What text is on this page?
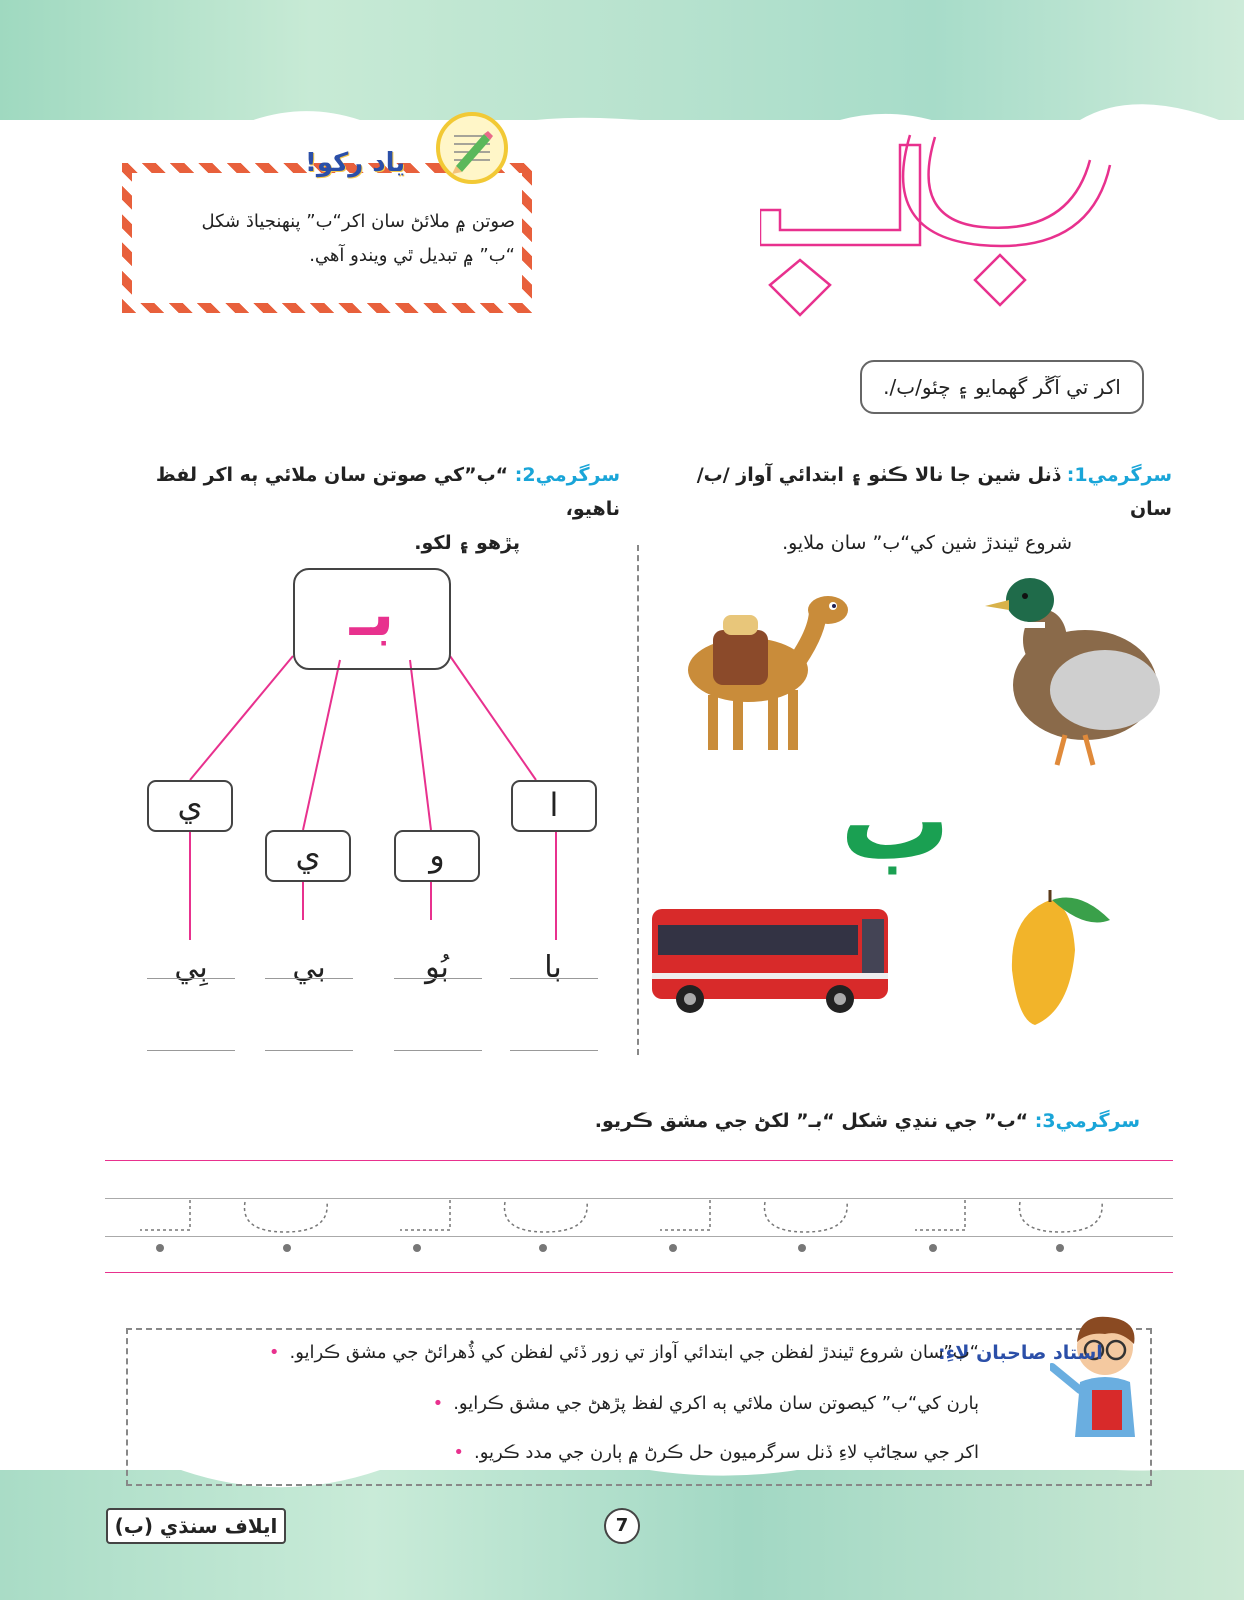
ياد رکو!
صوتن ۾ ملائڻ سان اکر“ب” پنهنجياڌ شکل
“ب” ۾ تبديل ٿي ويندو آهي.
اکر تي آڱر گھمايو ۽ چئو/ب/.
سرگرمي1: ڏنل شين جا نالا ڪٺو ۽ ابتدائي آواز /ب/ سان
شروع ٿيندڙ شين کي“ب” سان ملايو.
سرگرمي2: “ب”کي صوتن سان ملائي ٻه اکر لفظ ناهيو،
پڙهو ۽ لکو.
بـ
ا
و
ي
ي
با
بُو
بي
بِي
ب
سرگرمي3: “ب” جي ننڍي شکل “بـ” لکڻ جي مشق ڪريو.
استاد صاحبان لاءِ:
“ب”سان شروع ٿيندڙ لفظن جي ابتدائي آواز تي زور ڏئي لفظن کي ڏُهرائڻ جي مشق ڪرايو. •
ٻارن کي“ب” کيصوتن سان ملائي ٻه اکري لفظ پڙهڻ جي مشق ڪرايو. •
اکر جي سڃاڻپ لاءِ ڏنل سرگرميون حل ڪرڻ ۾ ٻارن جي مدد ڪريو. •
ايلاف سنڌي (ب)	7
